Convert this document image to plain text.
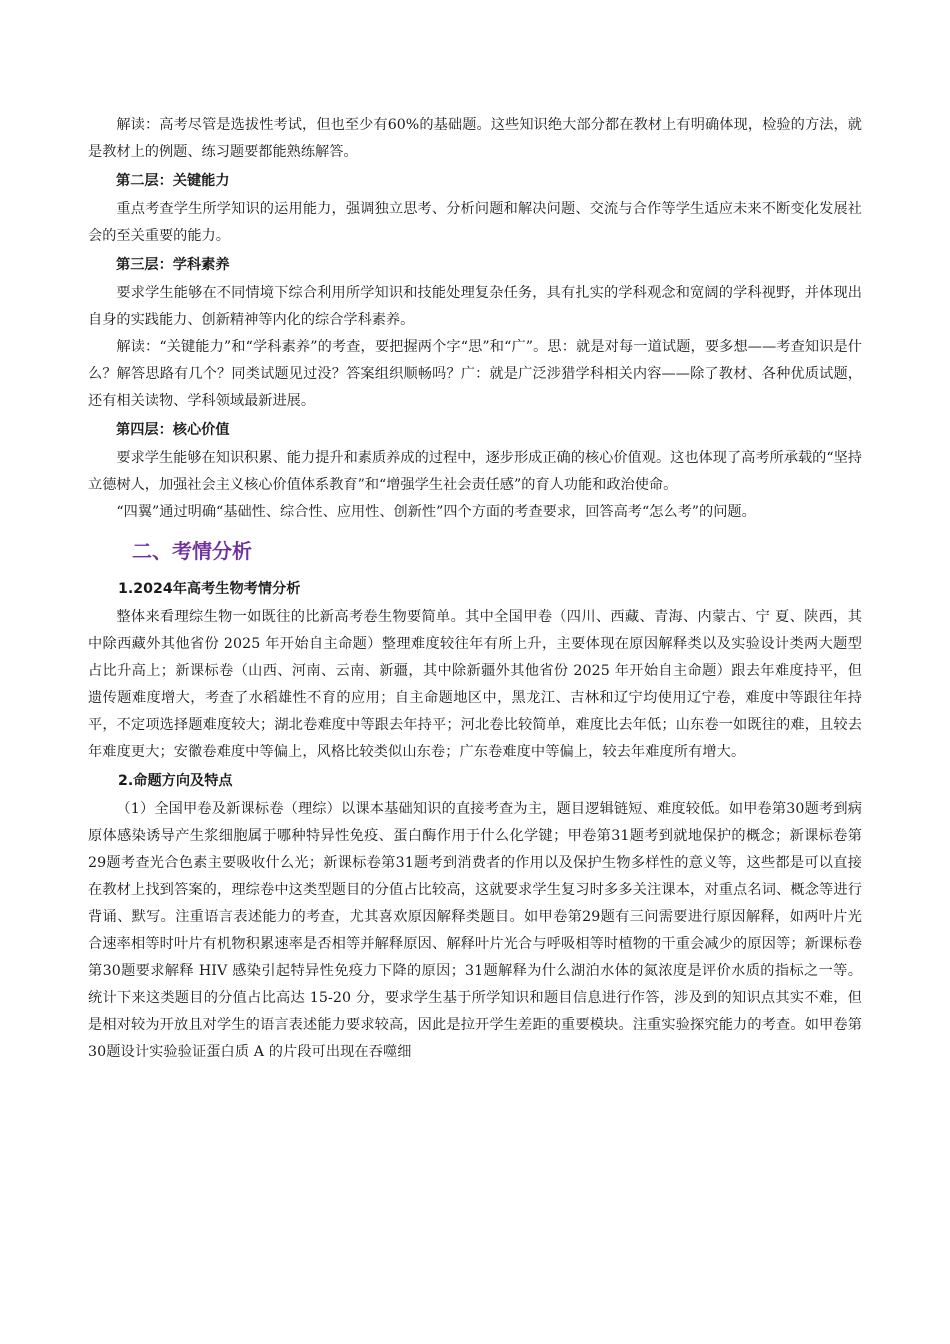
解读：高考尽管是选拔性考试，但也至少有60%的基础题。这些知识绝大部分都在教材上有明确体现，检验的方法，就是教材上的例题、练习题要都能熟练解答。

第二层：关键能力

重点考查学生所学知识的运用能力，强调独立思考、分析问题和解决问题、交流与合作等学生适应未来不断变化发展社会的至关重要的能力。

第三层：学科素养

要求学生能够在不同情境下综合利用所学知识和技能处理复杂任务，具有扎实的学科观念和宽阔的学科视野，并体现出自身的实践能力、创新精神等内化的综合学科素养。

解读：“关键能力”和“学科素养”的考查，要把握两个字“思”和“广”。思：就是对每一道试题，要多想——考查知识是什么？解答思路有几个？同类试题见过没？答案组织顺畅吗？广：就是广泛涉猎学科相关内容——除了教材、各种优质试题，还有相关读物、学科领域最新进展。

第四层：核心价值

要求学生能够在知识积累、能力提升和素质养成的过程中，逐步形成正确的核心价值观。这也体现了高考所承载的“坚持立德树人，加强社会主义核心价值体系教育”和“增强学生社会责任感”的育人功能和政治使命。

“四翼”通过明确“基础性、综合性、应用性、创新性”四个方面的考查要求，回答高考“怎么考”的问题。

二、考情分析
1.2024年高考生物考情分析

整体来看理综生物一如既往的比新高考卷生物要简单。其中全国甲卷（四川、西藏、青海、内蒙古、宁 夏、陕西，其中除西藏外其他省份 2025 年开始自主命题）整理难度较往年有所上升，主要体现在原因解释类以及实验设计类两大题型占比升高上；新课标卷（山西、河南、云南、新疆，其中除新疆外其他省份 2025 年开始自主命题）跟去年难度持平，但遗传题难度增大，考查了水稻雄性不育的应用；自主命题地区中，黑龙江、吉林和辽宁均使用辽宁卷，难度中等跟往年持平，不定项选择题难度较大；湖北卷难度中等跟去年持平；河北卷比较简单，难度比去年低；山东卷一如既往的难，且较去年难度更大；安徽卷难度中等偏上，风格比较类似山东卷；广东卷难度中等偏上，较去年难度所有增大。

2.命题方向及特点

（1）全国甲卷及新课标卷（理综）以课本基础知识的直接考查为主，题目逻辑链短、难度较低。如甲卷第30题考到病原体感染诱导产生浆细胞属于哪种特异性免疫、蛋白酶作用于什么化学键；甲卷第31题考到就地保护的概念；新课标卷第29题考查光合色素主要吸收什么光；新课标卷第31题考到消费者的作用以及保护生物多样性的意义等，这些都是可以直接在教材上找到答案的，理综卷中这类型题目的分值占比较高，这就要求学生复习时多多关注课本，对重点名词、概念等进行背诵、默写。注重语言表述能力的考查，尤其喜欢原因解释类题目。如甲卷第29题有三问需要进行原因解释，如两叶片光合速率相等时叶片有机物积累速率是否相等并解释原因、解释叶片光合与呼吸相等时植物的干重会减少的原因等；新课标卷第30题要求解释 HIV 感染引起特异性免疫力下降的原因；31题解释为什么湖泊水体的氮浓度是评价水质的指标之一等。统计下来这类题目的分值占比高达 15-20 分，要求学生基于所学知识和题目信息进行作答，涉及到的知识点其实不难，但是相对较为开放且对学生的语言表述能力要求较高，因此是拉开学生差距的重要模块。注重实验探究能力的考查。如甲卷第30题设计实验验证蛋白质 A 的片段可出现在吞噬细
